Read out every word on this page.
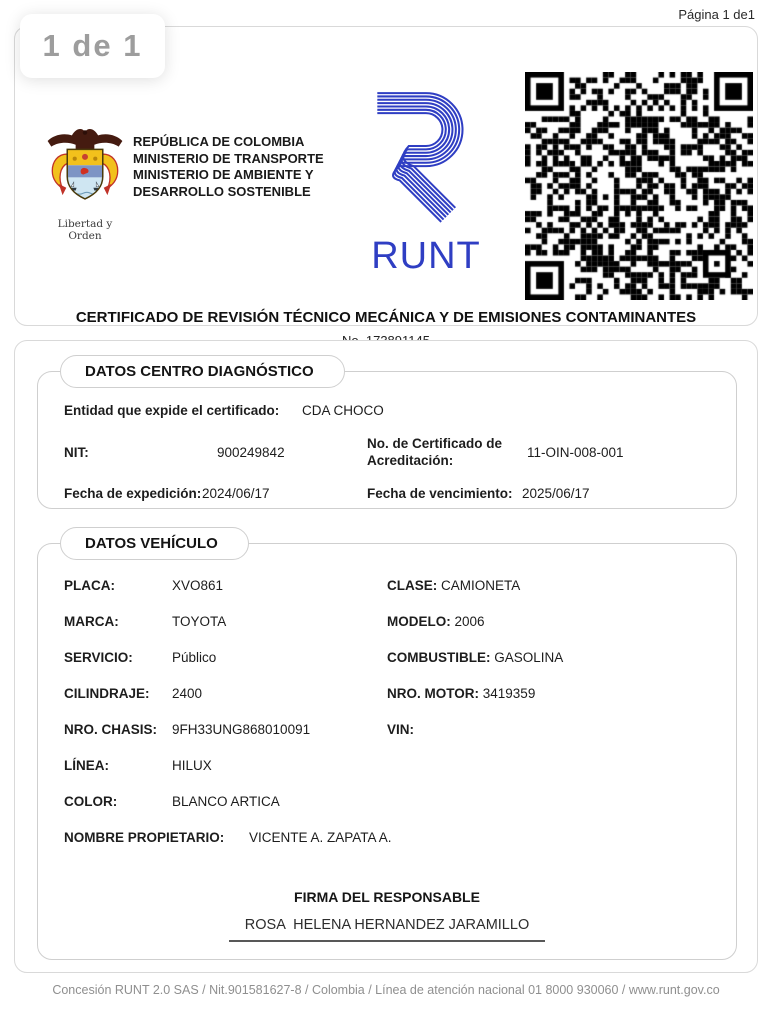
Página 1 de1
1 de 1
Libertad y Orden
REPÚBLICA DE COLOMBIA
MINISTERIO DE TRANSPORTE
MINISTERIO DE AMBIENTE Y
DESARROLLO SOSTENIBLE
RUNT
CERTIFICADO DE REVISIÓN TÉCNICO MECÁNICA Y DE EMISIONES CONTAMINANTES
DATOS CENTRO DIAGNÓSTICO
Entidad que expide el certificado:	CDA CHOCO
NIT:	900249842
No. de Certificado de Acreditación:
11-OIN-008-001
Fecha de expedición: 2024/06/17	Fecha de vencimiento: 2025/06/17
DATOS VEHÍCULO
PLACA:	XVO861	CLASE: CAMIONETA
MARCA:	TOYOTA	MODELO: 2006
SERVICIO:	Público	COMBUSTIBLE: GASOLINA
CILINDRAJE:	2400	NRO. MOTOR: 3419359
NRO. CHASIS:	9FH33UNG868010091	VIN:
LÍNEA:	HILUX
COLOR:	BLANCO ARTICA
NOMBRE PROPIETARIO:	VICENTE A. ZAPATA A.
FIRMA DEL RESPONSABLE
ROSA  HELENA HERNANDEZ JARAMILLO
Concesión RUNT 2.0 SAS / Nit.901581627-8 / Colombia / Línea de atención nacional 01 8000 930060 / www.runt.gov.co
